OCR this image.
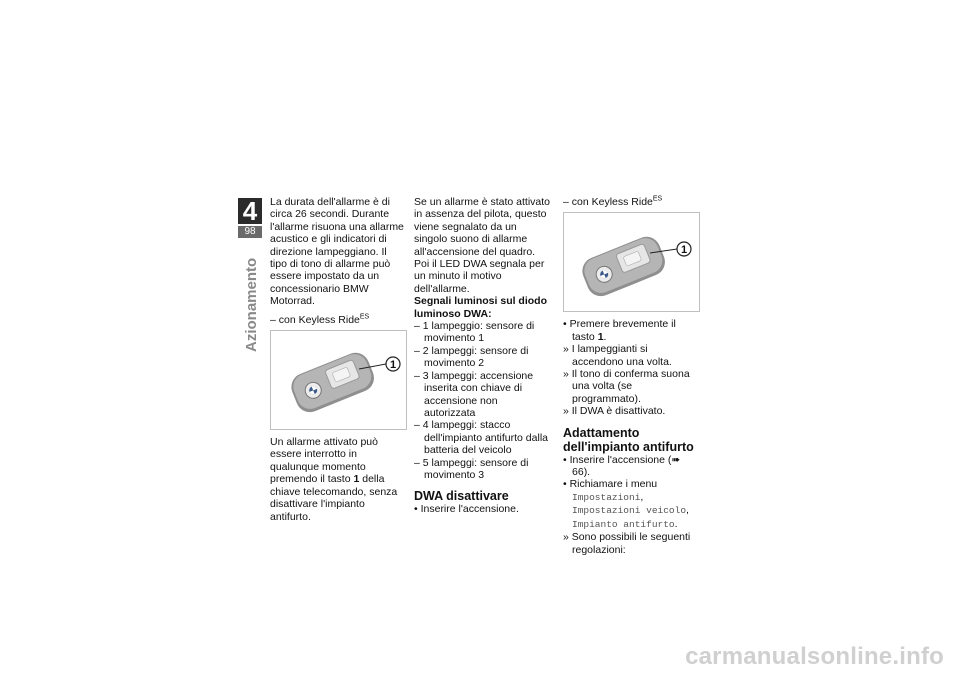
4
98
Azionamento

La durata dell'allarme è di circa 26 secondi. Durante l'allarme risuona una allarme acustico e gli indicatori di direzione lampeggiano. Il tipo di tono di allarme può essere impostato da un concessionario BMW Motorrad.

– con Keyless Ride$^{ES}$

1

Un allarme attivato può essere interrotto in qualunque momento premendo il tasto 1 della chiave telecomando, senza disattivare l'impianto antifurto.

Se un allarme è stato attivato in assenza del pilota, questo viene segnalato da un singolo suono di allarme all'accensione del quadro. Poi il LED DWA segnala per un minuto il motivo dell'allarme.

Segnali luminosi sul diodo luminoso DWA:

– 1 lampeggio: sensore di movimento 1
– 2 lampeggi: sensore di movimento 2
– 3 lampeggi: accensione inserita con chiave di accensione non autorizzata
– 4 lampeggi: stacco dell'impianto antifurto dalla batteria del veicolo
– 5 lampeggi: sensore di movimento 3

DWA disattivare

• Inserire l'accensione.

– con Keyless Ride$^{ES}$

1

• Premere brevemente il tasto 1.

» I lampeggianti si accendono una volta.
» Il tono di conferma suona una volta (se programmato).
» Il DWA è disattivato.

Adattamento dell'impianto antifurto

• Inserire l'accensione (➠ 66).

• Richiamare i menu Impostazioni, Impostazioni veicolo, Impianto antifurto.

» Sono possibili le seguenti regolazioni:
carmanualsonline.info
